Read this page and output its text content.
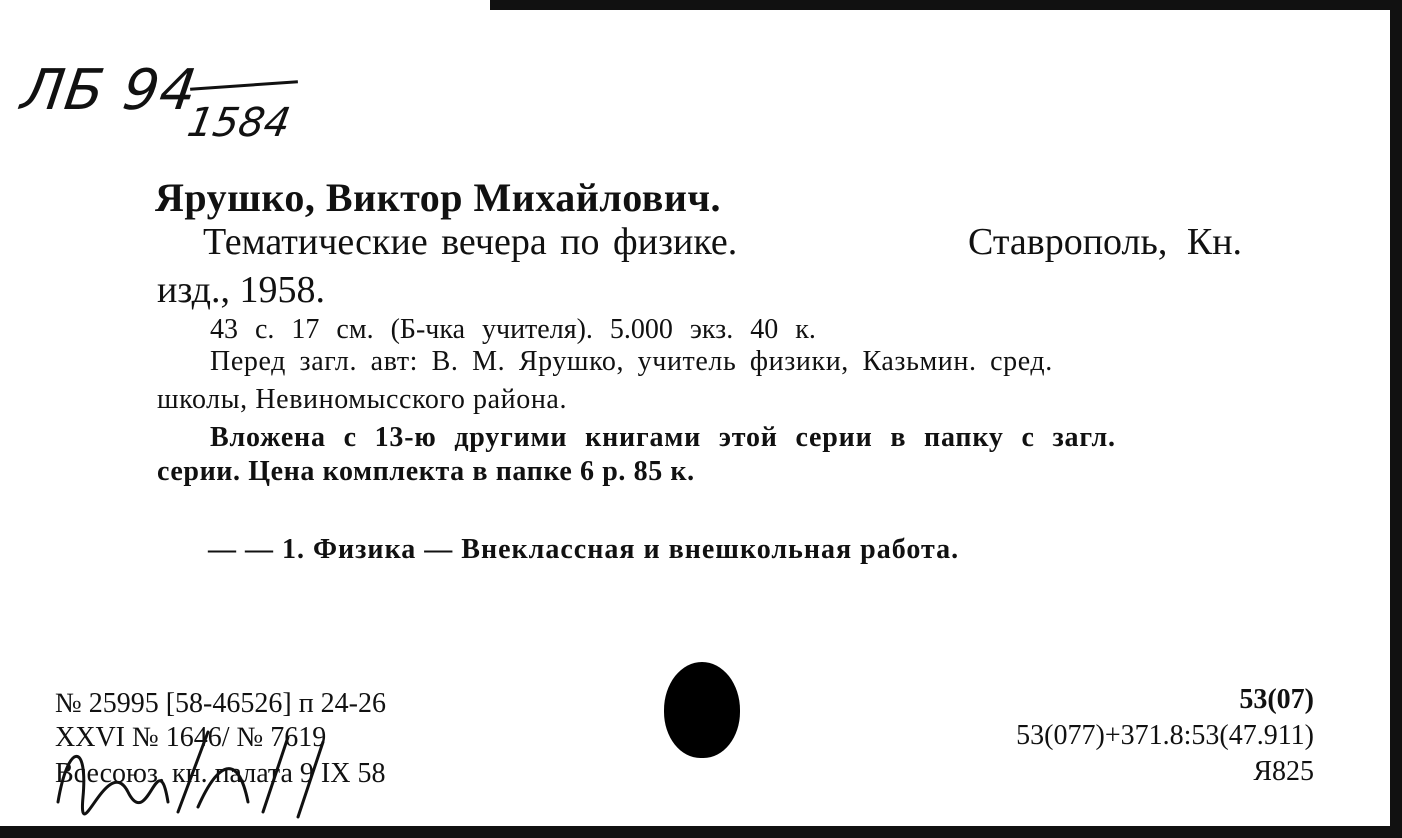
ЛБ 94
1584
Ярушко, Виктор Михайлович.
Тематические вечера по физике.	Ставрополь, Кн.
изд., 1958.
43 с. 17 см. (Б-чка учителя). 5.000 экз. 40 к.
Перед загл. авт: В. М. Ярушко, учитель физики, Казьмин. сред.
школы, Невиномысского района.
Вложена с 13-ю другими книгами этой серии в папку с загл.
серии. Цена комплекта в папке 6 р. 85 к.
— — 1. Физика — Внеклассная и внешкольная работа.
№ 25995 [58-46526] п 24-26
XXVI № 1646/ № 7619
Всесоюз. кн. палата 9 IX 58
53(07)
53(077)+371.8:53(47.911)
Я825
